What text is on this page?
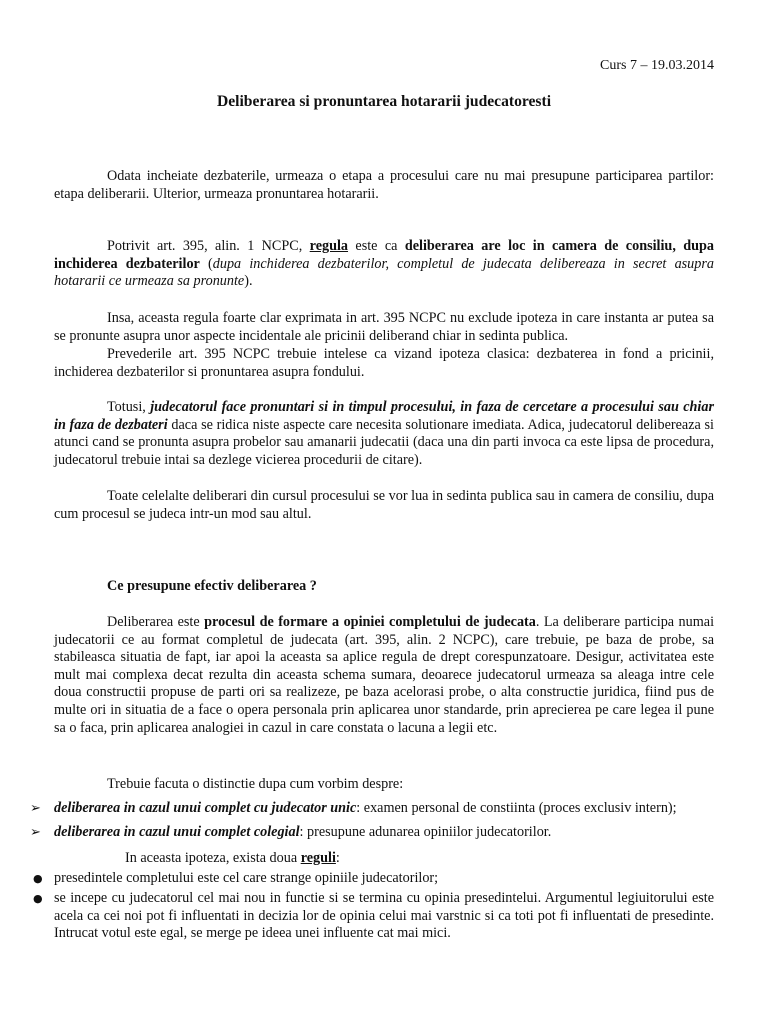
Curs 7 – 19.03.2014
Deliberarea si pronuntarea hotararii judecatoresti

Odata incheiate dezbaterile, urmeaza o etapa a procesului care nu mai presupune participarea partilor: etapa deliberarii. Ulterior, urmeaza pronuntarea hotararii.

Potrivit art. 395, alin. 1 NCPC, regula este ca deliberarea are loc in camera de consiliu, dupa inchiderea dezbaterilor (dupa inchiderea dezbaterilor, completul de judecata delibereaza in secret asupra hotararii ce urmeaza sa pronunte).

Insa, aceasta regula foarte clar exprimata in art. 395 NCPC nu exclude ipoteza in care instanta ar putea sa se pronunte asupra unor aspecte incidentale ale pricinii deliberand chiar in sedinta publica.

Prevederile art. 395 NCPC trebuie intelese ca vizand ipoteza clasica: dezbaterea in fond a pricinii, inchiderea dezbaterilor si pronuntarea asupra fondului.

Totusi, judecatorul face pronuntari si in timpul procesului, in faza de cercetare a procesului sau chiar in faza de dezbateri daca se ridica niste aspecte care necesita solutionare imediata. Adica, judecatorul delibereaza si atunci cand se pronunta asupra probelor sau amanarii judecatii (daca una din parti invoca ca este lipsa de procedura, judecatorul trebuie intai sa dezlege vicierea procedurii de citare).

Toate celelalte deliberari din cursul procesului se vor lua in sedinta publica sau in camera de consiliu, dupa cum procesul se judeca intr-un mod sau altul.

Ce presupune efectiv deliberarea ?

Deliberarea este procesul de formare a opiniei completului de judecata. La deliberare participa numai judecatorii ce au format completul de judecata (art. 395, alin. 2 NCPC), care trebuie, pe baza de probe, sa stabileasca situatia de fapt, iar apoi la aceasta sa aplice regula de drept corespunzatoare. Desigur, activitatea este mult mai complexa decat rezulta din aceasta schema sumara, deoarece judecatorul urmeaza sa aleaga intre cele doua constructii propuse de parti ori sa realizeze, pe baza acelorasi probe, o alta constructie juridica, fiind pus de multe ori in situatia de a face o opera personala prin aplicarea unor standarde, prin aprecierea pe care legea il pune sa o faca, prin aplicarea analogiei in cazul in care constata o lacuna a legii etc.

Trebuie facuta o distinctie dupa cum vorbim despre:

➢ deliberarea in cazul unui complet cu judecator unic: examen personal de constiinta (proces exclusiv intern);
➢ deliberarea in cazul unui complet colegial: presupune adunarea opiniilor judecatorilor.

In aceasta ipoteza, exista doua reguli:

● presedintele completului este cel care strange opiniile judecatorilor;
● se incepe cu judecatorul cel mai nou in functie si se termina cu opinia presedintelui. Argumentul legiuitorului este acela ca cei noi pot fi influentati in decizia lor de opinia celui mai varstnic si ca toti pot fi influentati de presedinte. Intrucat votul este egal, se merge pe ideea unei influente cat mai mici.
